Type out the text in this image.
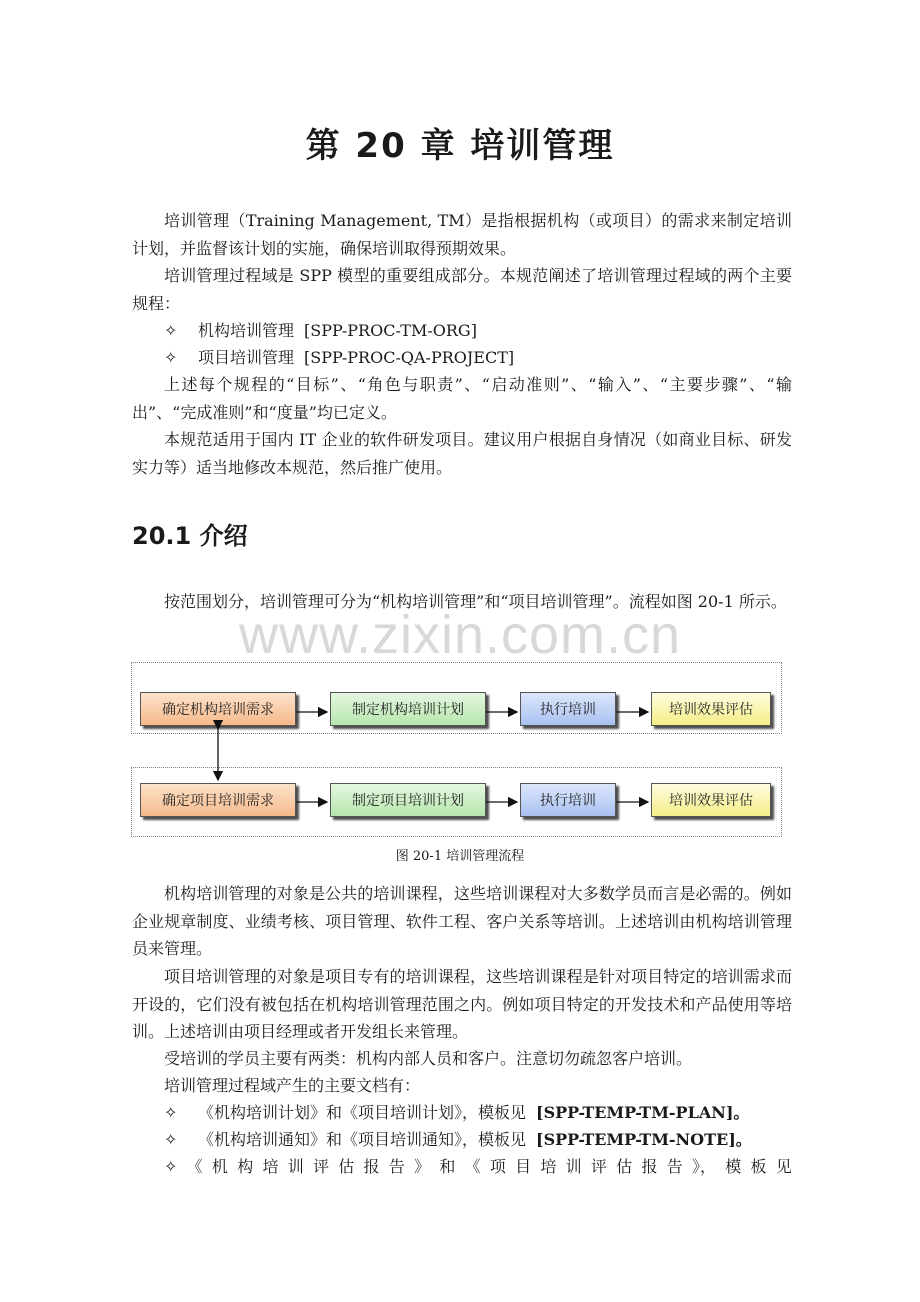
第 20 章 培训管理
培训管理（Training Management, TM）是指根据机构（或项目）的需求来制定培训计划，并监督该计划的实施，确保培训取得预期效果。
培训管理过程域是 SPP 模型的重要组成部分。本规范阐述了培训管理过程域的两个主要规程：
✧ 机构培训管理 [SPP-PROC-TM-ORG]
✧ 项目培训管理 [SPP-PROC-QA-PROJECT]
上述每个规程的“目标”、“角色与职责”、“启动准则”、“输入”、“主要步骤”、“输出”、“完成准则”和“度量”均已定义。
本规范适用于国内 IT 企业的软件研发项目。建议用户根据自身情况（如商业目标、研发实力等）适当地修改本规范，然后推广使用。
20.1 介绍
按范围划分，培训管理可分为“机构培训管理”和“项目培训管理”。流程如图 20-1 所示。
www.zixin.com.cn
确定机构培训需求	制定机构培训计划	执行培训	培训效果评估
确定项目培训需求	制定项目培训计划	执行培训	培训效果评估
图 20-1 培训管理流程
机构培训管理的对象是公共的培训课程，这些培训课程对大多数学员而言是必需的。例如企业规章制度、业绩考核、项目管理、软件工程、客户关系等培训。上述培训由机构培训管理员来管理。
项目培训管理的对象是项目专有的培训课程，这些培训课程是针对项目特定的培训需求而开设的，它们没有被包括在机构培训管理范围之内。例如项目特定的开发技术和产品使用等培训。上述培训由项目经理或者开发组长来管理。
受培训的学员主要有两类：机构内部人员和客户。注意切勿疏忽客户培训。
培训管理过程域产生的主要文档有：
✧ 《机构培训计划》和《项目培训计划》，模板见 [SPP-TEMP-TM-PLAN]。
✧ 《机构培训通知》和《项目培训通知》，模板见 [SPP-TEMP-TM-NOTE]。
✧ 《 机 构 培 训 评 估 报 告 》 和 《 项 目 培 训 评 估 报 告 》， 模 板 见
